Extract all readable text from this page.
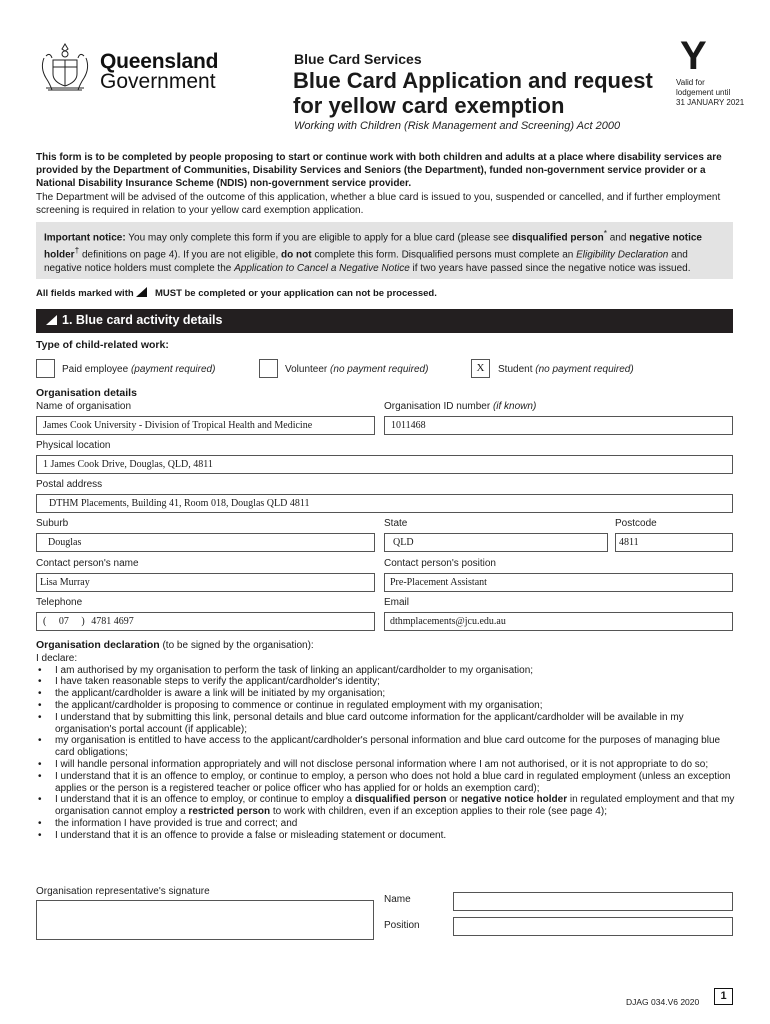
Queensland
Government
Blue Card Services
Blue Card Application and request
for yellow card exemption
Working with Children (Risk Management and Screening) Act 2000
Y
Valid for
lodgement until
31 JANUARY 2021
This form is to be completed by people proposing to start or continue work with both children and adults at a place where disability services are provided by the Department of Communities, Disability Services and Seniors (the Department), funded non-government service provider or a National Disability Insurance Scheme (NDIS) non-government service provider.
The Department will be advised of the outcome of this application, whether a blue card is issued to you, suspended or cancelled, and if further employment screening is required in relation to your yellow card exemption application.
Important notice: You may only complete this form if you are eligible to apply for a blue card (please see disqualified person* and negative notice holder† definitions on page 4). If you are not eligible, do not complete this form. Disqualified persons must complete an Eligibility Declaration and negative notice holders must complete the Application to Cancel a Negative Notice if two years have passed since the negative notice was issued.
All fields marked with  MUST be completed or your application can not be processed.
1. Blue card activity details
Type of child-related work:
Paid employee (payment required)	Volunteer (no payment required)	X	Student (no payment required)
Organisation details
Name of organisation
James Cook University - Division of Tropical Health and Medicine
Organisation ID number (if known)
1011468
Physical location
1 James Cook Drive, Douglas, QLD, 4811
Postal address
DTHM Placements, Building 41, Room 018, Douglas QLD 4811
Suburb
Douglas
State
QLD
Postcode
4811
Contact person's name
Lisa Murray
Contact person's position
Pre-Placement Assistant
Telephone
( 07 ) 4781 4697
Email
dthmplacements@jcu.edu.au
Organisation declaration (to be signed by the organisation):
I declare:
• I am authorised by my organisation to perform the task of linking an applicant/cardholder to my organisation;
• I have taken reasonable steps to verify the applicant/cardholder's identity;
• the applicant/cardholder is aware a link will be initiated by my organisation;
• the applicant/cardholder is proposing to commence or continue in regulated employment with my organisation;
• I understand that by submitting this link, personal details and blue card outcome information for the applicant/cardholder will be available in my organisation's portal account (if applicable);
• my organisation is entitled to have access to the applicant/cardholder's personal information and blue card outcome for the purposes of managing blue card obligations;
• I will handle personal information appropriately and will not disclose personal information where I am not authorised, or it is not appropriate to do so;
• I understand that it is an offence to employ, or continue to employ, a person who does not hold a blue card in regulated employment (unless an exception applies or the person is a registered teacher or police officer who has applied for or holds an exemption card);
• I understand that it is an offence to employ, or continue to employ a disqualified person or negative notice holder in regulated employment and that my organisation cannot employ a restricted person to work with children, even if an exception applies to their role (see page 4);
• the information I have provided is true and correct; and
• I understand that it is an offence to provide a false or misleading statement or document.
Organisation representative's signature
Name
Position
DJAG 034.V6 2020	1
